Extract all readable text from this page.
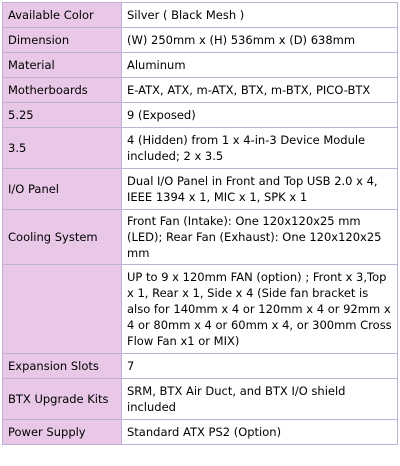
Available Color	Silver ( Black Mesh )
Dimension	(W) 250mm x (H) 536mm x (D) 638mm
Material	Aluminum
Motherboards	E-ATX, ATX, m-ATX, BTX, m-BTX, PICO-BTX
5.25	9 (Exposed)
3.5	4 (Hidden) from 1 x 4-in-3 Device Module included; 2 x 3.5
I/O Panel	Dual I/O Panel in Front and Top USB 2.0 x 4, IEEE 1394 x 1, MIC x 1, SPK x 1
Cooling System	Front Fan (Intake): One 120x120x25 mm (LED); Rear Fan (Exhaust): One 120x120x25 mm
	UP to 9 x 120mm FAN (option) ; Front x 3,Top x 1, Rear x 1, Side x 4 (Side fan bracket is also for 140mm x 4 or 120mm x 4 or 92mm x 4 or 80mm x 4 or 60mm x 4, or 300mm Cross Flow Fan x1 or MIX)
Expansion Slots	7
BTX Upgrade Kits	SRM, BTX Air Duct, and BTX I/O shield included
Power Supply	Standard ATX PS2 (Option)
